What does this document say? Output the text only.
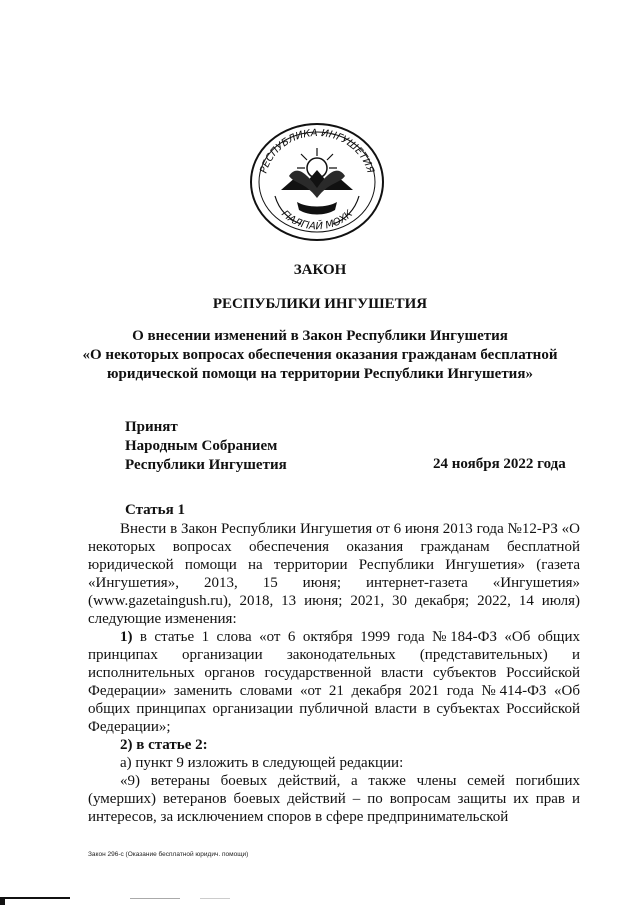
РЕСПУБЛИКА ИНГУШЕТИЯ
ГIАЛГIАЙ МОХК
ЗАКОН
РЕСПУБЛИКИ ИНГУШЕТИЯ
О внесении изменений в Закон Республики Ингушетия
«О некоторых вопросах обеспечения оказания гражданам бесплатной
юридической помощи на территории Республики Ингушетия»
Принят
Народным Собранием
Республики Ингушетия	24 ноября 2022 года
Статья 1

Внести в Закон Республики Ингушетия от 6 июня 2013 года №12-РЗ «О некоторых вопросах обеспечения оказания гражданам бесплатной юридической помощи на территории Республики Ингушетия» (газета «Ингушетия», 2013, 15 июня; интернет-газета «Ингушетия» (www.gazetaingush.ru), 2018, 13 июня; 2021, 30 декабря; 2022, 14 июля) следующие изменения:

1) в статье 1 слова «от 6 октября 1999 года №184-ФЗ «Об общих принципах организации законодательных (представительных) и исполнительных органов государственной власти субъектов Российской Федерации» заменить словами «от 21 декабря 2021 года №414-ФЗ «Об общих принципах организации публичной власти в субъектах Российской Федерации»;

2) в статье 2:

а) пункт 9 изложить в следующей редакции:

«9) ветераны боевых действий, а также члены семей погибших (умерших) ветеранов боевых действий – по вопросам защиты их прав и интересов, за исключением споров в сфере предпринимательской

Закон 296-с (Оказание бесплатной юридич. помощи)
